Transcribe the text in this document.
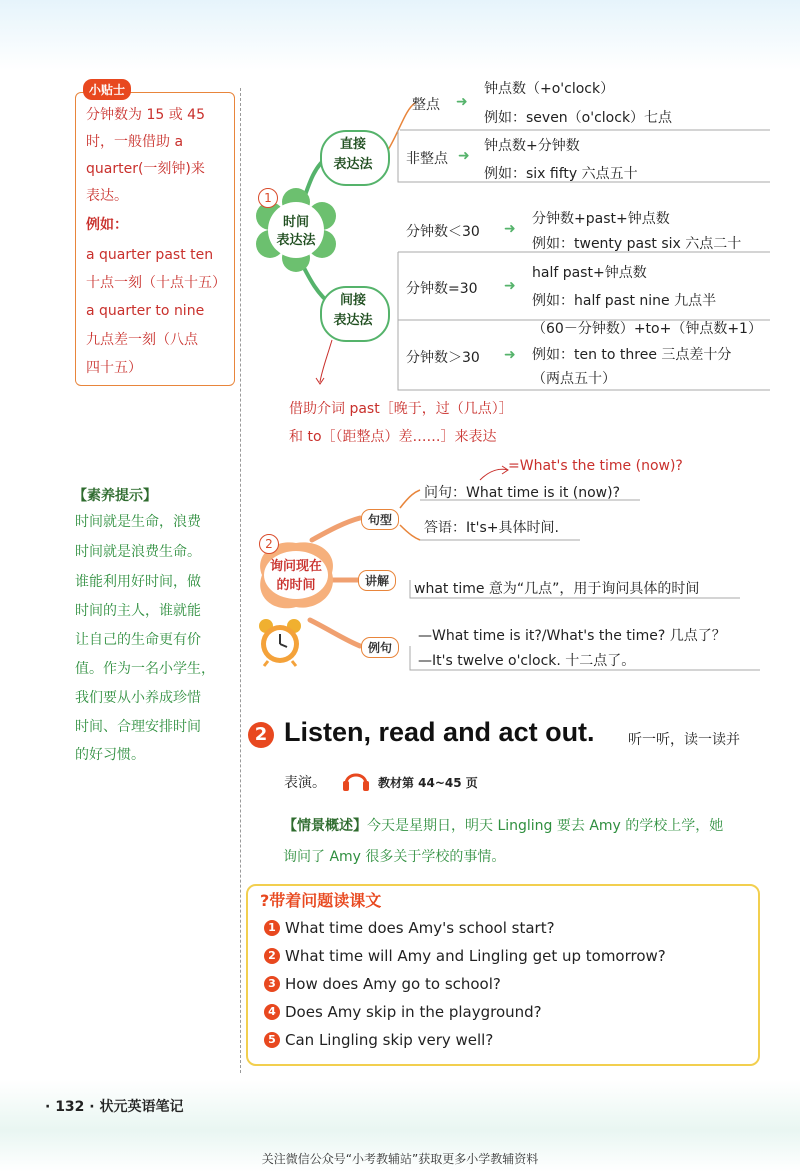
小贴士
分钟数为 15 或 45
时，一般借助 a
quarter(一刻钟)来
表达。
例如：
a quarter past ten
十点一刻（十点十五）
a quarter to nine
九点差一刻（八点
四十五）
【素养提示】
时间就是生命，浪费
时间就是浪费生命。
谁能利用好时间，做
时间的主人，谁就能
让自己的生命更有价
值。作为一名小学生，
我们要从小养成珍惜
时间、合理安排时间
的好习惯。
1
时间
表达法
直接
表达法
间接
表达法
整点 ➜
钟点数（+o'clock）
例如：seven（o'clock）七点
非整点 ➜
钟点数+分钟数
例如：six fifty 六点五十
分钟数＜30 ➜
分钟数+past+钟点数
例如：twenty past six 六点二十
分钟数=30 ➜
half past+钟点数
例如：half past nine 九点半
分钟数＞30 ➜
（60－分钟数）+to+（钟点数+1）
例如：ten to three 三点差十分
（两点五十）
借助介词 past［晚于，过（几点）］
和 to［（距整点）差……］来表达
2
询问现在
的时间
句型
讲解
例句
=What's the time (now)?
问句：What time is it (now)?
答语：It's+具体时间.
what time 意为“几点”，用于询问具体的时间
—What time is it?/What's the time? 几点了？
—It's twelve o'clock. 十二点了。
2 Listen, read and act out. 听一听，读一读并
表演。	教材第 44~45 页
【情景概述】今天是星期日，明天 Lingling 要去 Amy 的学校上学，她
询问了 Amy 很多关于学校的事情。
?带着问题读课文
1 What time does Amy's school start?
2 What time will Amy and Lingling get up tomorrow?
3 How does Amy go to school?
4 Does Amy skip in the playground?
5 Can Lingling skip very well?
· 132 · 状元英语笔记
关注微信公众号“小考教辅站”获取更多小学教辅资料
